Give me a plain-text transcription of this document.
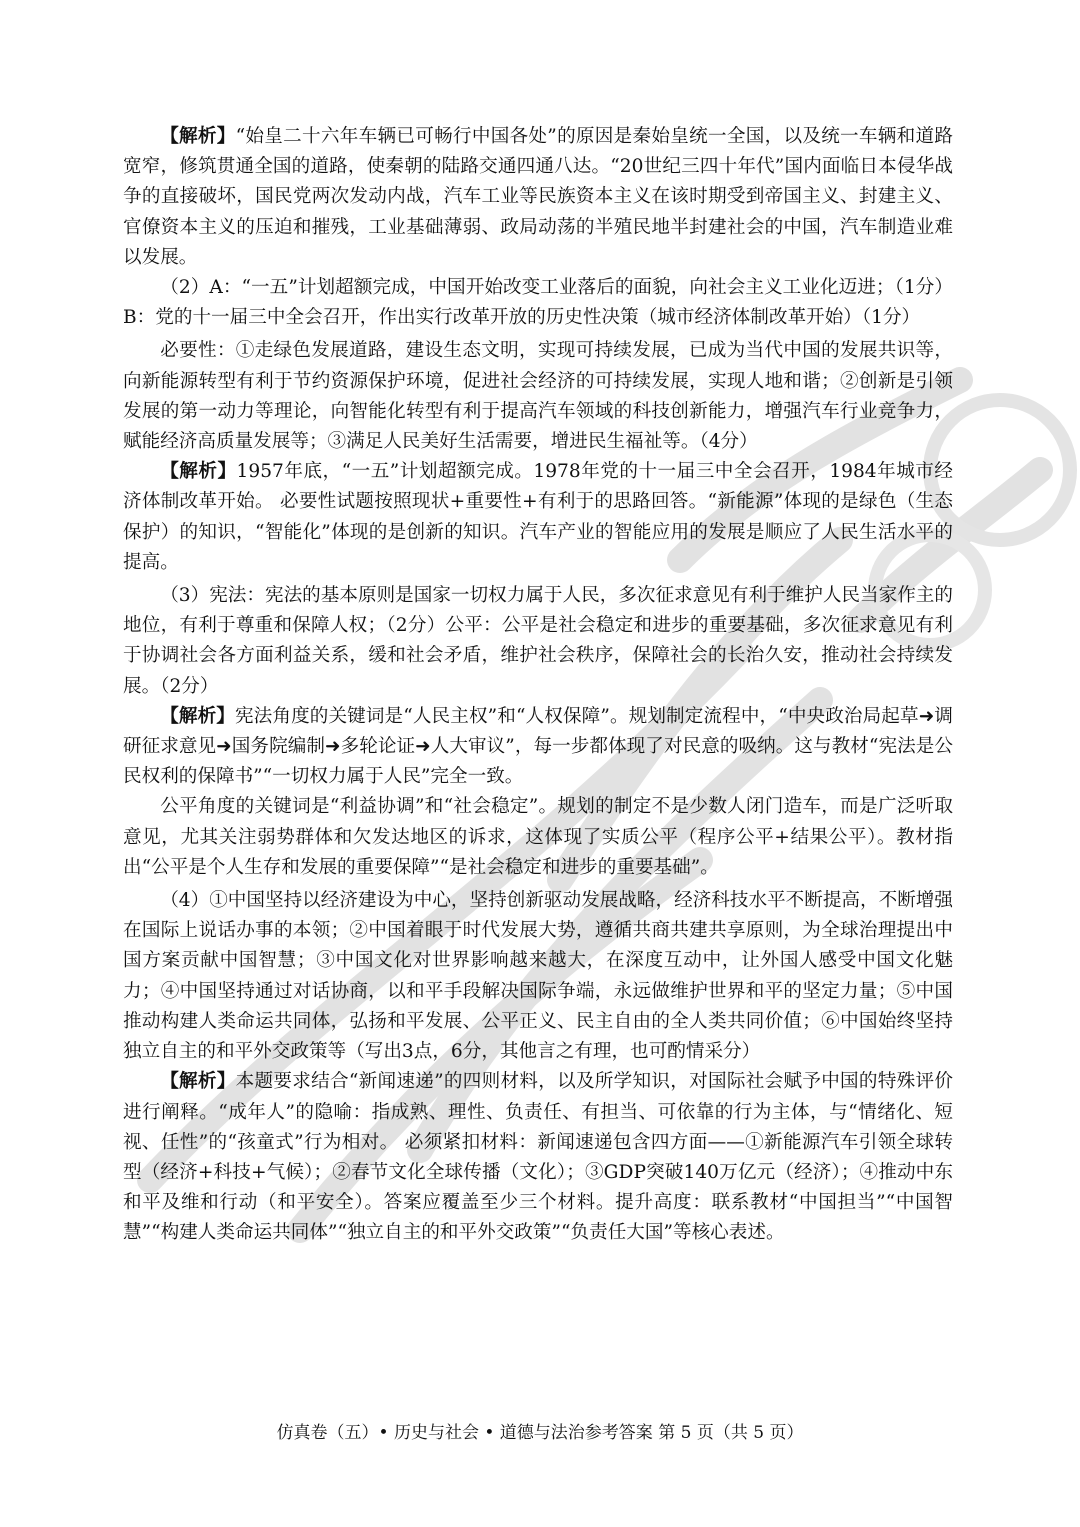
【解析】“始皇二十六年车辆已可畅行中国各处”的原因是秦始皇统一全国，以及统一车辆和道路宽窄，修筑贯通全国的道路，使秦朝的陆路交通四通八达。“20世纪三四十年代”国内面临日本侵华战争的直接破坏，国民党两次发动内战，汽车工业等民族资本主义在该时期受到帝国主义、封建主义、官僚资本主义的压迫和摧残，工业基础薄弱、政局动荡的半殖民地半封建社会的中国，汽车制造业难以发展。

（2）A：“一五”计划超额完成，中国开始改变工业落后的面貌，向社会主义工业化迈进；（1分）B：党的十一届三中全会召开，作出实行改革开放的历史性决策（城市经济体制改革开始）（1分）

必要性：①走绿色发展道路，建设生态文明，实现可持续发展，已成为当代中国的发展共识等，向新能源转型有利于节约资源保护环境，促进社会经济的可持续发展，实现人地和谐；②创新是引领发展的第一动力等理论，向智能化转型有利于提高汽车领域的科技创新能力，增强汽车行业竞争力，赋能经济高质量发展等；③满足人民美好生活需要，增进民生福祉等。（4分）

【解析】1957年底，“一五”计划超额完成。1978年党的十一届三中全会召开，1984年城市经济体制改革开始。 必要性试题按照现状+重要性+有利于的思路回答。“新能源”体现的是绿色（生态保护）的知识，“智能化”体现的是创新的知识。汽车产业的智能应用的发展是顺应了人民生活水平的提高。

（3）宪法：宪法的基本原则是国家一切权力属于人民，多次征求意见有利于维护人民当家作主的地位，有利于尊重和保障人权；（2分）公平：公平是社会稳定和进步的重要基础，多次征求意见有利于协调社会各方面利益关系，缓和社会矛盾，维护社会秩序，保障社会的长治久安，推动社会持续发展。（2分）

【解析】宪法角度的关键词是“人民主权”和“人权保障”。规划制定流程中，“中央政治局起草➜调研征求意见➜国务院编制➜多轮论证➜人大审议”，每一步都体现了对民意的吸纳。这与教材“宪法是公民权利的保障书”“一切权力属于人民”完全一致。

公平角度的关键词是“利益协调”和“社会稳定”。规划的制定不是少数人闭门造车，而是广泛听取意见，尤其关注弱势群体和欠发达地区的诉求，这体现了实质公平（程序公平+结果公平）。教材指出“公平是个人生存和发展的重要保障”“是社会稳定和进步的重要基础”。

（4）①中国坚持以经济建设为中心，坚持创新驱动发展战略，经济科技水平不断提高，不断增强在国际上说话办事的本领；②中国着眼于时代发展大势，遵循共商共建共享原则，为全球治理提出中国方案贡献中国智慧；③中国文化对世界影响越来越大，在深度互动中，让外国人感受中国文化魅力；④中国坚持通过对话协商，以和平手段解决国际争端，永远做维护世界和平的坚定力量；⑤中国推动构建人类命运共同体，弘扬和平发展、公平正义、民主自由的全人类共同价值；⑥中国始终坚持独立自主的和平外交政策等（写出3点，6分，其他言之有理，也可酌情采分）

【解析】本题要求结合“新闻速递”的四则材料，以及所学知识，对国际社会赋予中国的特殊评价进行阐释。“成年人”的隐喻：指成熟、理性、负责任、有担当、可依靠的行为主体，与“情绪化、短视、任性”的“孩童式”行为相对。 必须紧扣材料：新闻速递包含四方面——①新能源汽车引领全球转型（经济+科技+气候）；②春节文化全球传播（文化）；③GDP突破140万亿元（经济）；④推动中东和平及维和行动（和平安全）。答案应覆盖至少三个材料。提升高度：联系教材“中国担当”“中国智慧”“构建人类命运共同体”“独立自主的和平外交政策”“负责任大国”等核心表述。

仿真卷（五）• 历史与社会 • 道德与法治参考答案 第 5 页（共 5 页）
